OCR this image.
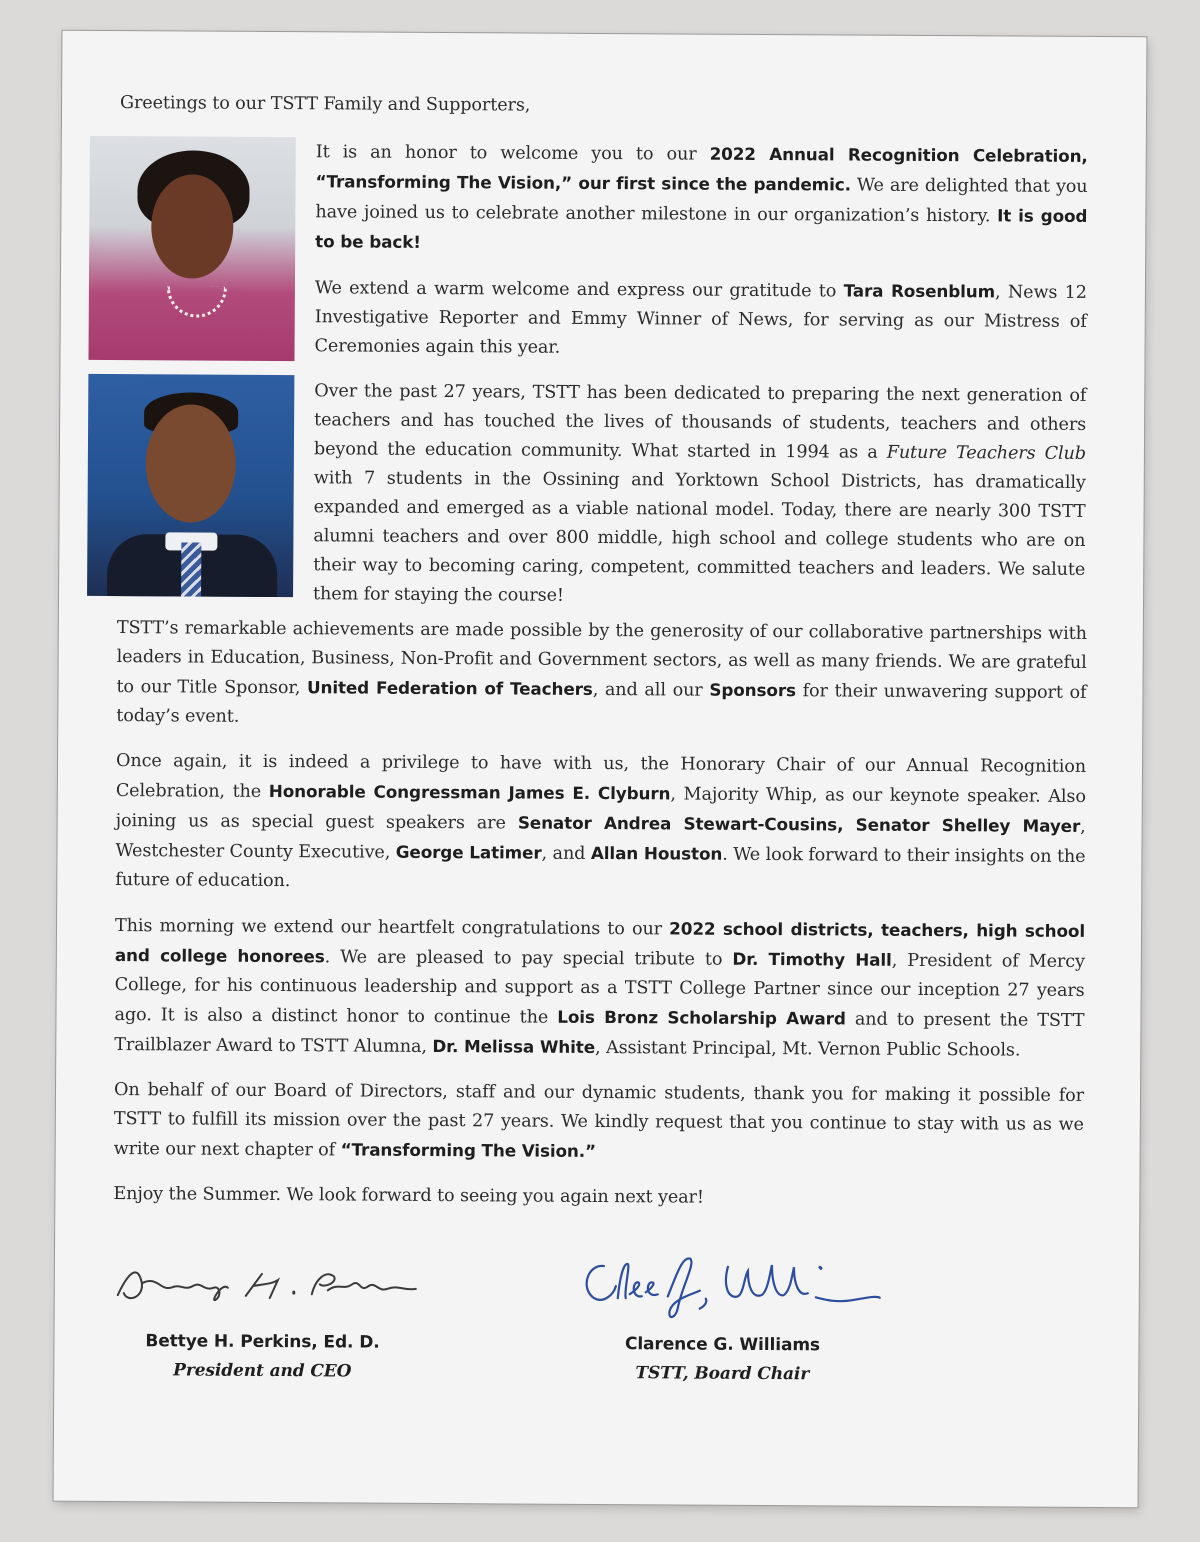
Greetings to our TSTT Family and Supporters,

It is an honor to welcome you to our 2022 Annual Recognition Celebration, “Transforming The Vision,” our first since the pandemic. We are delighted that you have joined us to celebrate another milestone in our organization’s history. It is good to be back!

We extend a warm welcome and express our gratitude to Tara Rosenblum, News 12 Investigative Reporter and Emmy Winner of News, for serving as our Mistress of Ceremonies again this year.

Over the past 27 years, TSTT has been dedicated to preparing the next generation of teachers and has touched the lives of thousands of students, teachers and others beyond the education community. What started in 1994 as a Future Teachers Club with 7 students in the Ossining and Yorktown School Districts, has dramatically expanded and emerged as a viable national model. Today, there are nearly 300 TSTT alumni teachers and over 800 middle, high school and college students who are on their way to becoming caring, competent, committed teachers and leaders. We salute them for staying the course!

TSTT’s remarkable achievements are made possible by the generosity of our collaborative partnerships with leaders in Education, Business, Non-Profit and Government sectors, as well as many friends. We are grateful to our Title Sponsor, United Federation of Teachers, and all our Sponsors for their unwavering support of today’s event.

Once again, it is indeed a privilege to have with us, the Honorary Chair of our Annual Recognition Celebration, the Honorable Congressman James E. Clyburn, Majority Whip, as our keynote speaker. Also joining us as special guest speakers are Senator Andrea Stewart-Cousins, Senator Shelley Mayer, Westchester County Executive, George Latimer, and Allan Houston. We look forward to their insights on the future of education.

This morning we extend our heartfelt congratulations to our 2022 school districts, teachers, high school and college honorees. We are pleased to pay special tribute to Dr. Timothy Hall, President of Mercy College, for his continuous leadership and support as a TSTT College Partner since our inception 27 years ago. It is also a distinct honor to continue the Lois Bronz Scholarship Award and to present the TSTT Trailblazer Award to TSTT Alumna, Dr. Melissa White, Assistant Principal, Mt. Vernon Public Schools.

On behalf of our Board of Directors, staff and our dynamic students, thank you for making it possible for TSTT to fulfill its mission over the past 27 years. We kindly request that you continue to stay with us as we write our next chapter of “Transforming The Vision.”

Enjoy the Summer. We look forward to seeing you again next year!

Bettye H. Perkins, Ed. D.
President and CEO
Clarence G. Williams
TSTT, Board Chair
